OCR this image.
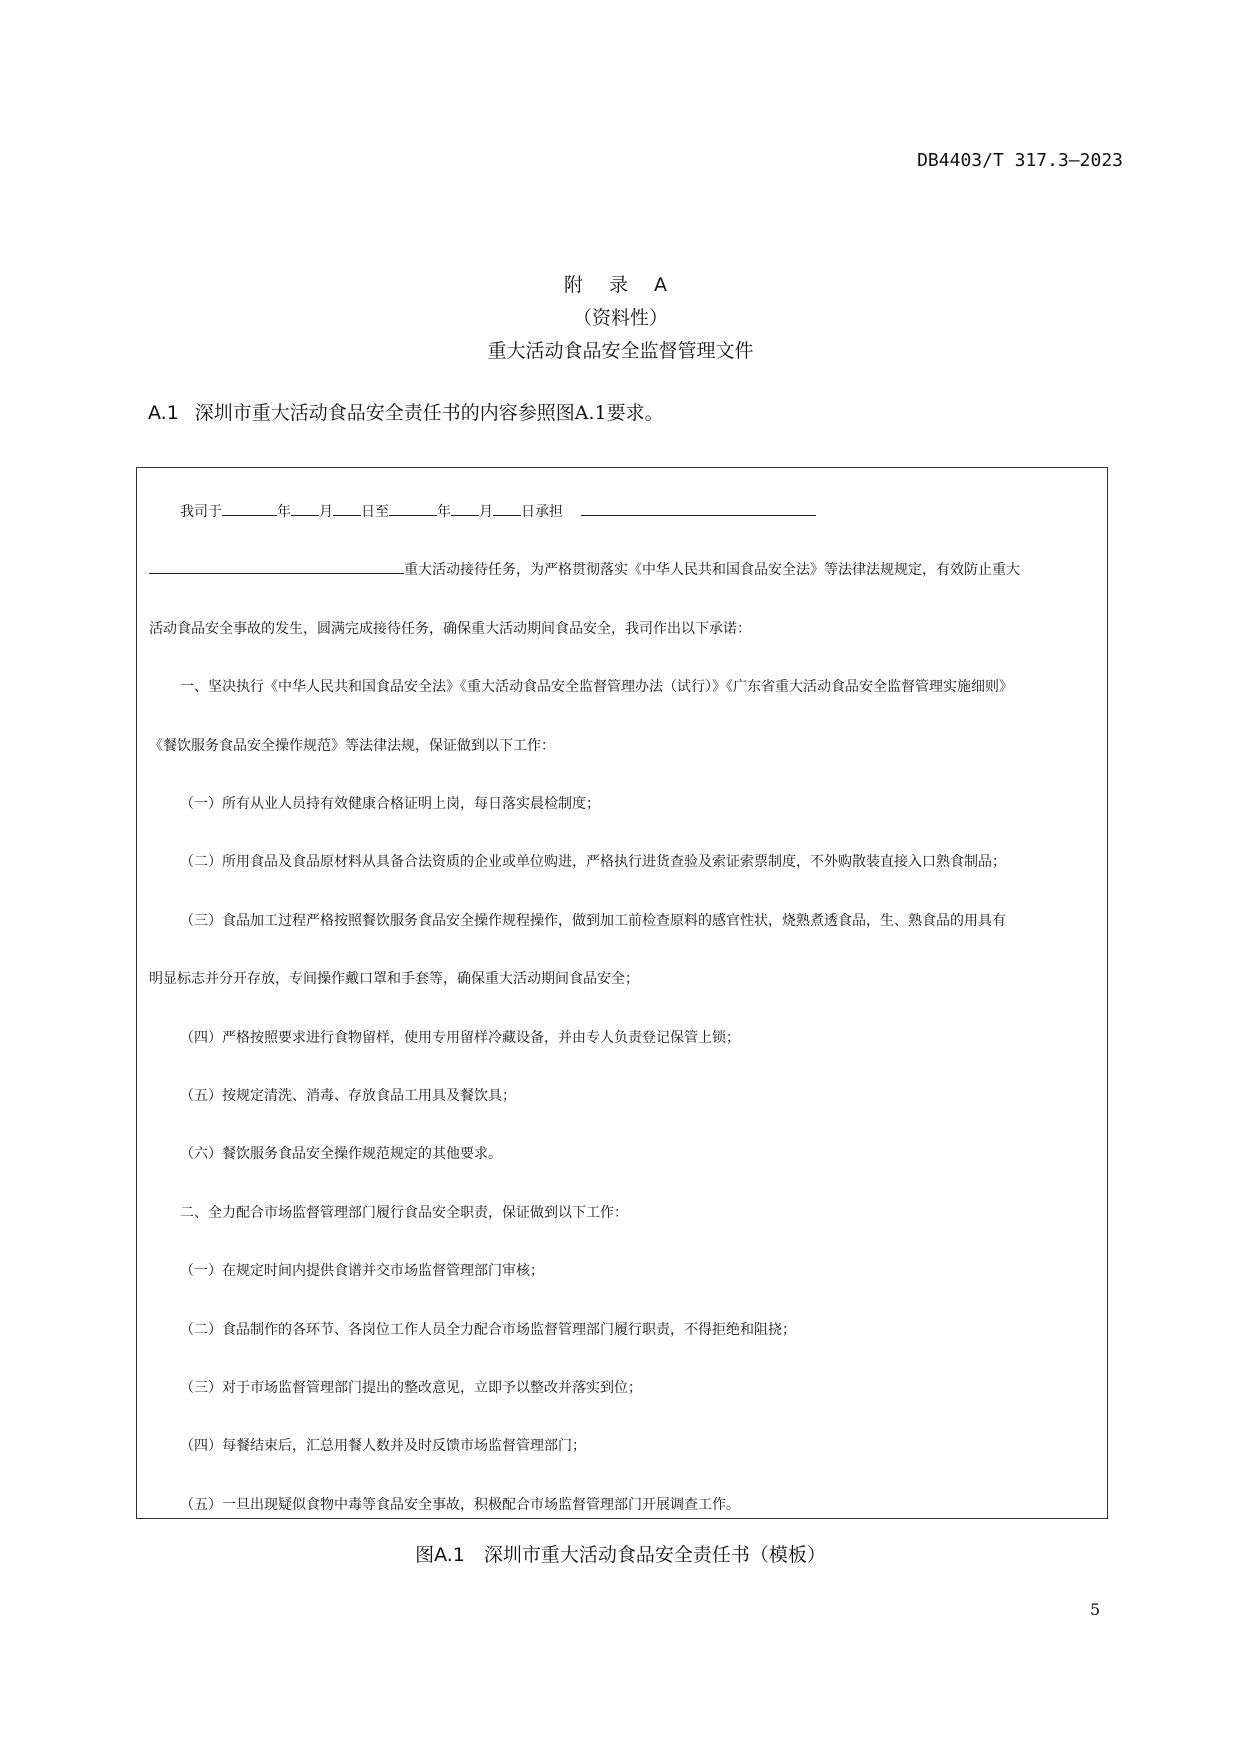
DB4403/T 317.3—2023
附 录 A
（资料性）
重大活动食品安全监督管理文件
A.1 深圳市重大活动食品安全责任书的内容参照图A.1要求。
我司于	年 月 日至	年 月 日承担
重大活动接待任务，为严格贯彻落实《中华人民共和国食品安全法》等法律法规规定，有效防止重大
活动食品安全事故的发生，圆满完成接待任务，确保重大活动期间食品安全，我司作出以下承诺：
一、坚决执行《中华人民共和国食品安全法》《重大活动食品安全监督管理办法（试行）》《广东省重大活动食品安全监督管理实施细则》
《餐饮服务食品安全操作规范》等法律法规，保证做到以下工作：
（一）所有从业人员持有效健康合格证明上岗，每日落实晨检制度；
（二）所用食品及食品原材料从具备合法资质的企业或单位购进，严格执行进货查验及索证索票制度，不外购散装直接入口熟食制品；
（三）食品加工过程严格按照餐饮服务食品安全操作规程操作，做到加工前检查原料的感官性状，烧熟煮透食品，生、熟食品的用具有
明显标志并分开存放，专间操作戴口罩和手套等，确保重大活动期间食品安全；
（四）严格按照要求进行食物留样，使用专用留样冷藏设备，并由专人负责登记保管上锁；
（五）按规定清洗、消毒、存放食品工用具及餐饮具；
（六）餐饮服务食品安全操作规范规定的其他要求。
二、全力配合市场监督管理部门履行食品安全职责，保证做到以下工作：
（一）在规定时间内提供食谱并交市场监督管理部门审核；
（二）食品制作的各环节、各岗位工作人员全力配合市场监督管理部门履行职责，不得拒绝和阻挠；
（三）对于市场监督管理部门提出的整改意见，立即予以整改并落实到位；
（四）每餐结束后，汇总用餐人数并及时反馈市场监督管理部门；
（五）一旦出现疑似食物中毒等食品安全事故，积极配合市场监督管理部门开展调查工作。
图A.1　深圳市重大活动食品安全责任书（模板）
5
